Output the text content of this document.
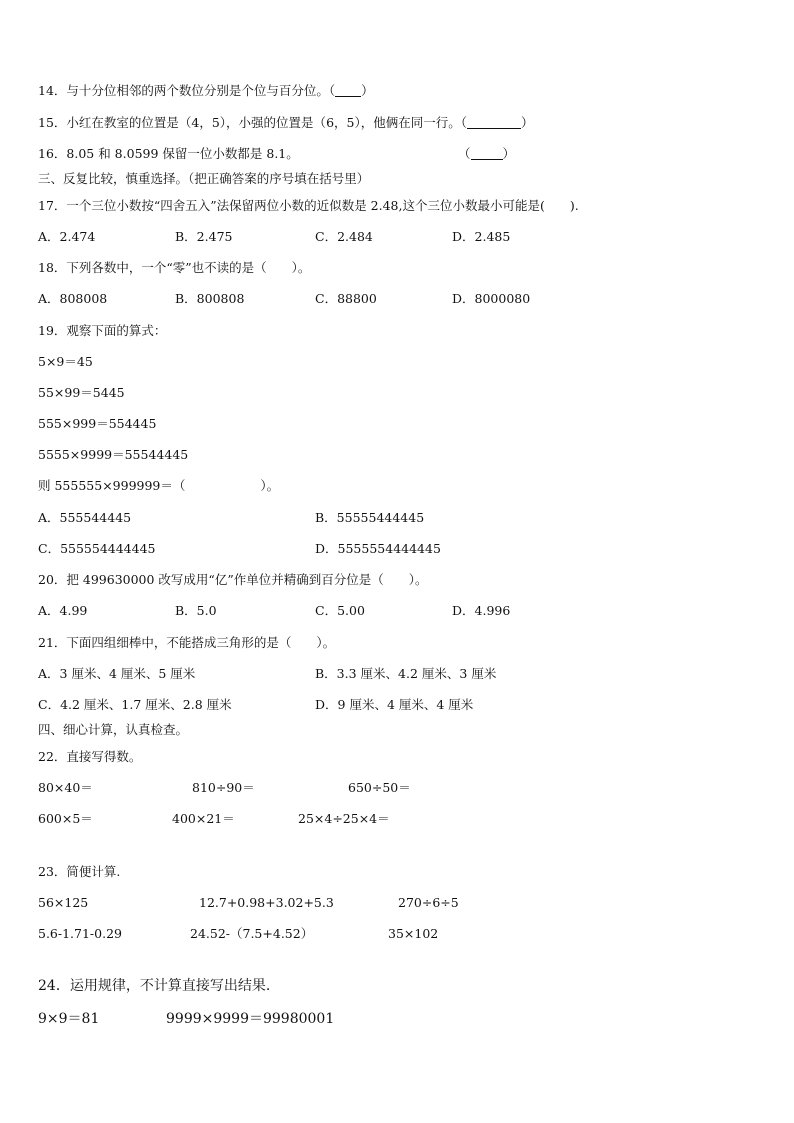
14．与十分位相邻的两个数位分别是个位与百分位。（ ）
15．小红在教室的位置是（4，5），小强的位置是（6，5），他俩在同一行。（	）
16．8.05 和 8.0599 保留一位小数都是 8.1。	（	）
三、反复比较，慎重选择。（把正确答案的序号填在括号里）
17．一个三位小数按“四舍五入”法保留两位小数的近似数是 2.48,这个三位小数最小可能是(　　).
A．2.474	B．2.475	C．2.484	D．2.485
18．下列各数中，一个“零”也不读的是（　　）。
A．808008	B．800808	C．88800	D．8000080
19．观察下面的算式：
5×9＝45
55×99＝5445
555×999＝554445
5555×9999＝55544445
则 555555×999999＝（　　　　　　）。
A．555544445	B．55555444445
C．555554444445	D．5555554444445
20．把 499630000 改写成用“亿”作单位并精确到百分位是（　　）。
A．4.99	B．5.0	C．5.00	D．4.996
21．下面四组细棒中，不能搭成三角形的是（　　）。
A．3 厘米、4 厘米、5 厘米	B．3.3 厘米、4.2 厘米、3 厘米
C．4.2 厘米、1.7 厘米、2.8 厘米	D．9 厘米、4 厘米、4 厘米
四、细心计算，认真检查。
22．直接写得数。
80×40＝	810÷90＝	650÷50＝
600×5＝	400×21＝	25×4÷25×4＝
23．简便计算.
56×125	12.7+0.98+3.02+5.3	270÷6÷5
5.6-1.71-0.29	24.52-（7.5+4.52）	35×102
24．运用规律，不计算直接写出结果.
9×9＝81	9999×9999＝99980001
